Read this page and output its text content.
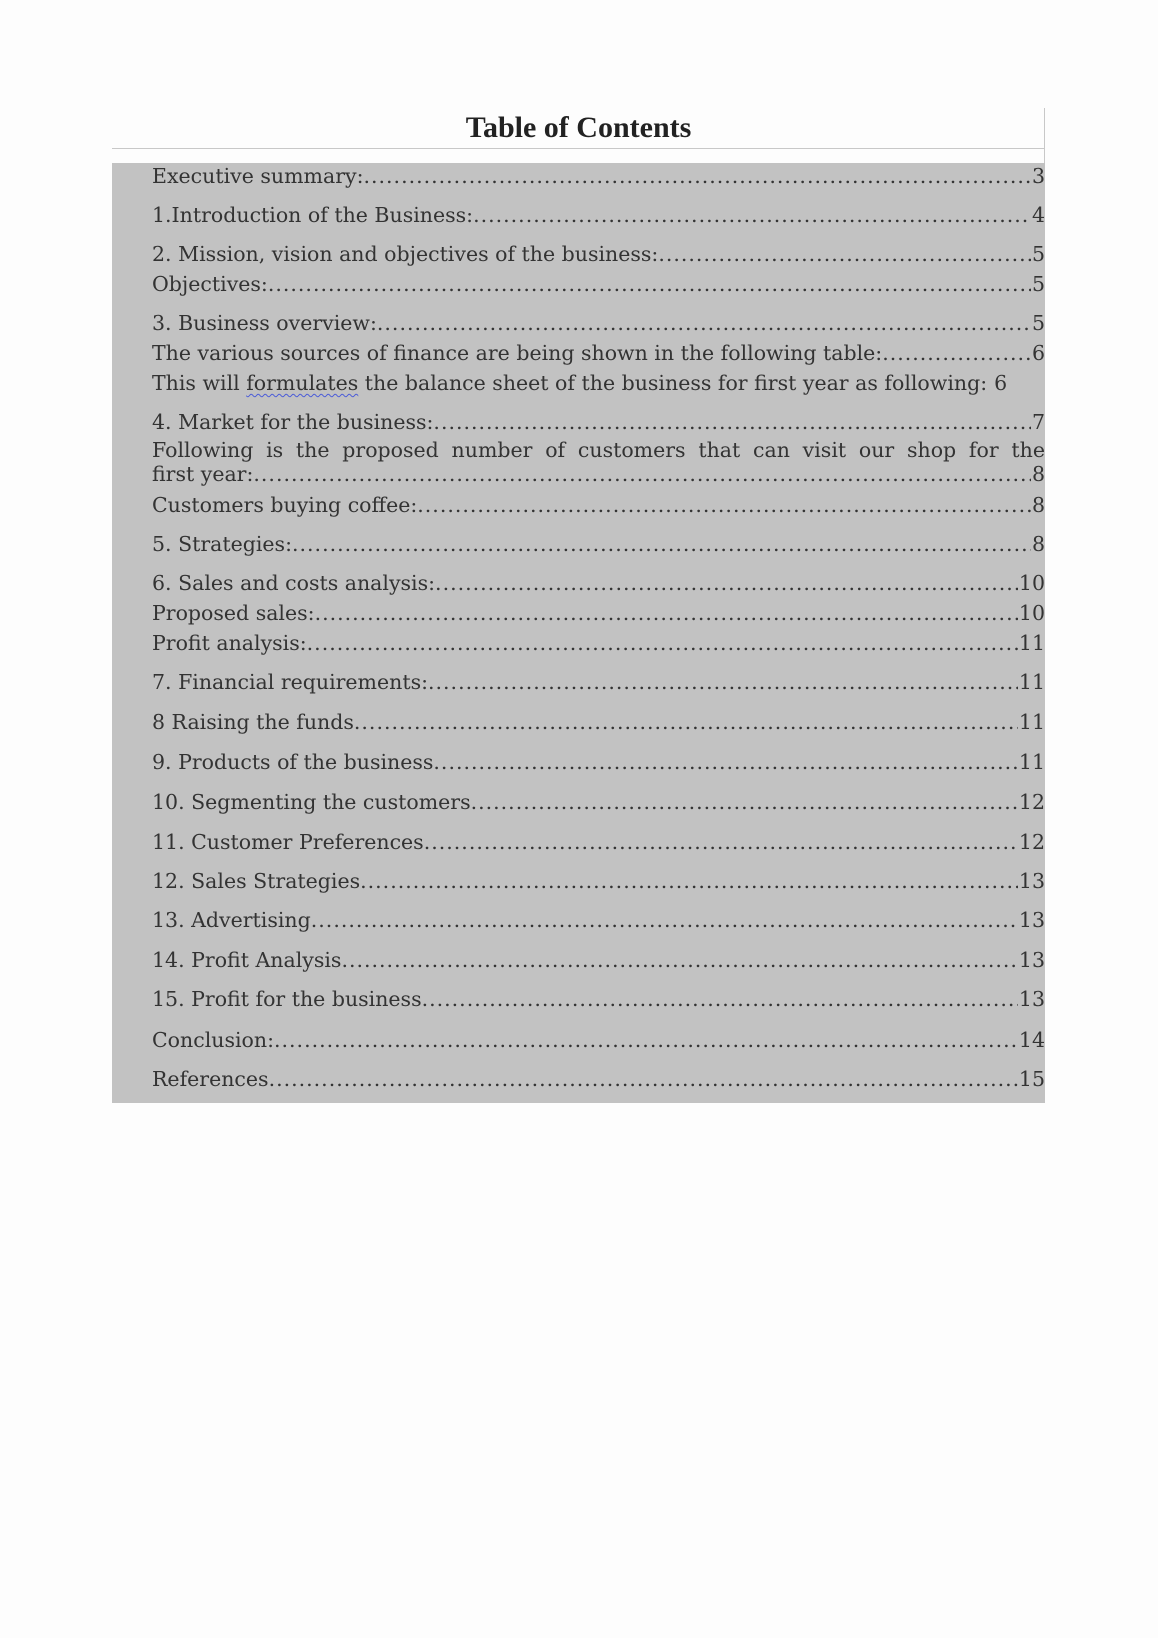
Table of Contents
Executive summary: .....	3
1.Introduction of the Business: .....	4
2. Mission, vision and objectives of the business: .....	5
Objectives: .....	5
3. Business overview: .....	5
The various sources of finance are being shown in the following table: .....	6
This will formulates the balance sheet of the business for first year as following: 6
4. Market for the business: .....	7
Following is the proposed number of customers that can visit our shop for the
first year: .....	8
Customers buying coffee: .....	8
5. Strategies: .....	8
6. Sales and costs analysis: .....	10
Proposed sales: .....	10
Profit analysis: .....	11
7. Financial requirements: .....	11
8 Raising the funds .....	11
9. Products of the business .....	11
10. Segmenting the customers .....	12
11. Customer Preferences .....	12
12. Sales Strategies .....	13
13. Advertising .....	13
14. Profit Analysis .....	13
15. Profit for the business .....	13
Conclusion: .....	14
References .....	15
